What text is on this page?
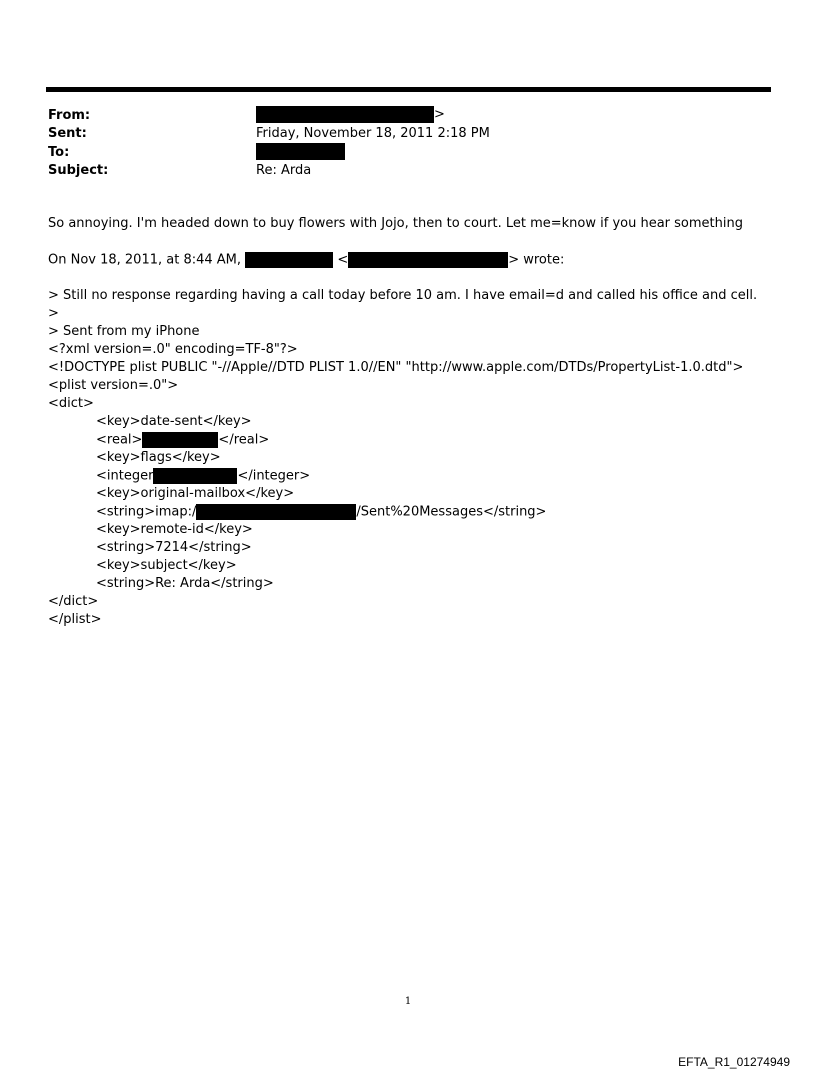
From:	>
Sent:	Friday, November 18, 2011 2:18 PM
To:
Subject:	Re: Arda
So annoying. I'm headed down to buy flowers with Jojo, then to court. Let me=know if you hear something
On Nov 18, 2011, at 8:44 AM,	<	> wrote:
> Still no response regarding having a call today before 10 am. I have email=d and called his office and cell.
>
> Sent from my iPhone
<?xml version=.0" encoding=TF-8"?>
<!DOCTYPE plist PUBLIC "-//Apple//DTD PLIST 1.0//EN" "http://www.apple.com/DTDs/PropertyList-1.0.dtd">
<plist version=.0">
<dict>
<key>date-sent</key>
<real>	</real>
<key>flags</key>
<integer	</integer>
<key>original-mailbox</key>
<string>imap:/	/Sent%20Messages</string>
<key>remote-id</key>
<string>7214</string>
<key>subject</key>
<string>Re: Arda</string>
</dict>
</plist>
1
EFTA_R1_01274949
